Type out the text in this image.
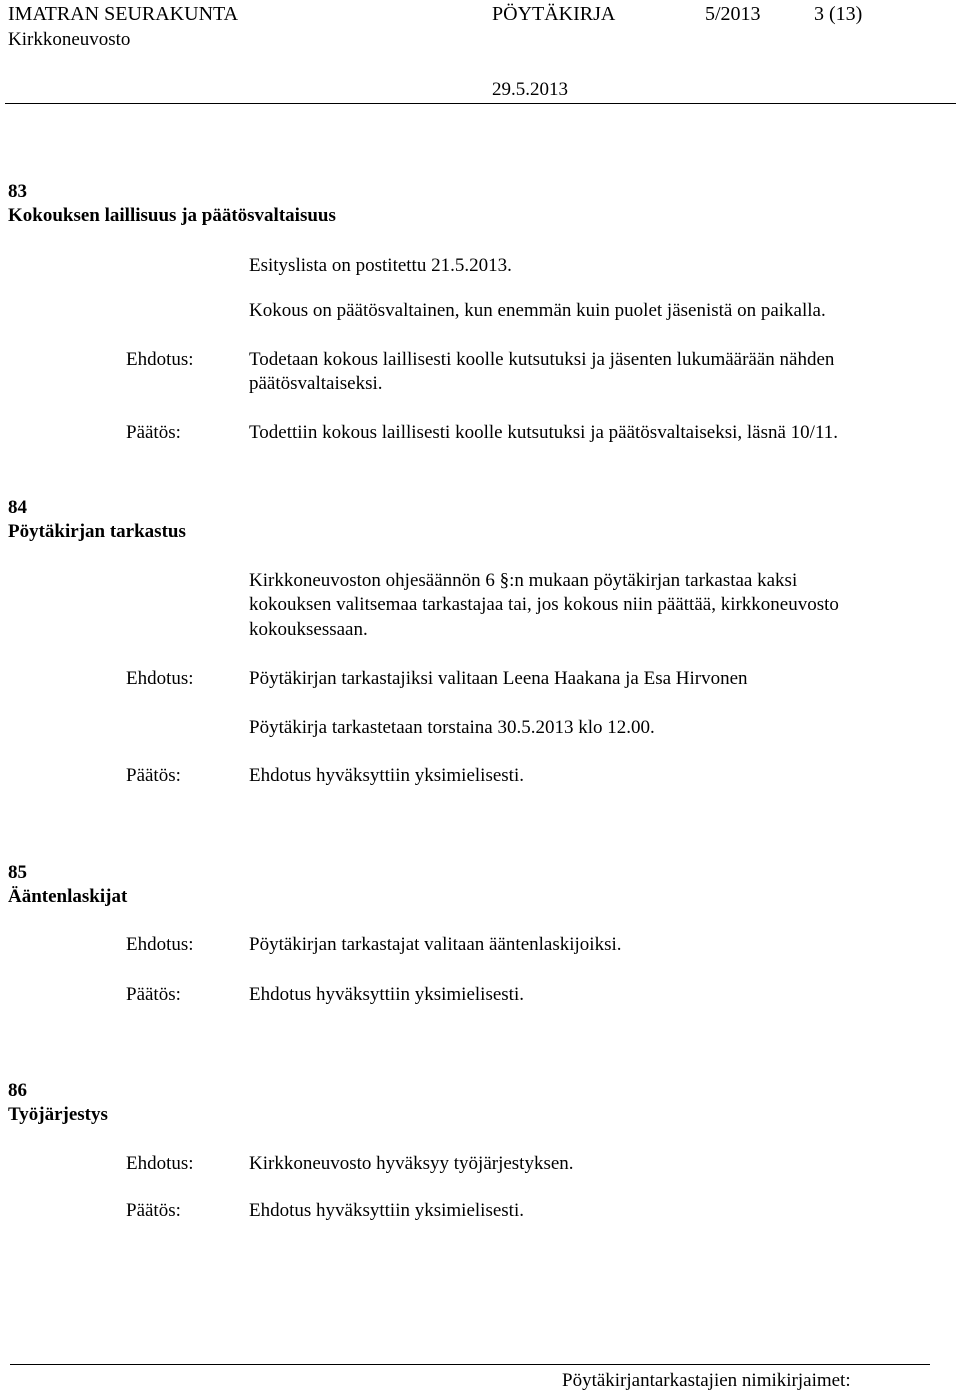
IMATRAN SEURAKUNTA	PÖYTÄKIRJA	5/2013	3 (13)
Kirkkoneuvosto
29.5.2013
83
Kokouksen laillisuus ja päätösvaltaisuus
Esityslista on postitettu 21.5.2013.
Kokous on päätösvaltainen, kun enemmän kuin puolet jäsenistä on paikalla.
Ehdotus:	Todetaan kokous laillisesti koolle kutsutuksi ja jäsenten lukumäärään nähden
päätösvaltaiseksi.
Päätös:	Todettiin kokous laillisesti koolle kutsutuksi ja päätösvaltaiseksi, läsnä 10/11.
84
Pöytäkirjan tarkastus
Kirkkoneuvoston ohjesäännön 6 §:n mukaan pöytäkirjan tarkastaa kaksi
kokouksen valitsemaa tarkastajaa tai, jos kokous niin päättää, kirkkoneuvosto
kokouksessaan.
Ehdotus:	Pöytäkirjan tarkastajiksi valitaan Leena Haakana ja Esa Hirvonen
Pöytäkirja tarkastetaan torstaina 30.5.2013 klo 12.00.
Päätös:	Ehdotus hyväksyttiin yksimielisesti.
85
Ääntenlaskijat
Ehdotus:	Pöytäkirjan tarkastajat valitaan ääntenlaskijoiksi.
Päätös:	Ehdotus hyväksyttiin yksimielisesti.
86
Työjärjestys
Ehdotus:	Kirkkoneuvosto hyväksyy työjärjestyksen.
Päätös:	Ehdotus hyväksyttiin yksimielisesti.
Pöytäkirjantarkastajien nimikirjaimet:
